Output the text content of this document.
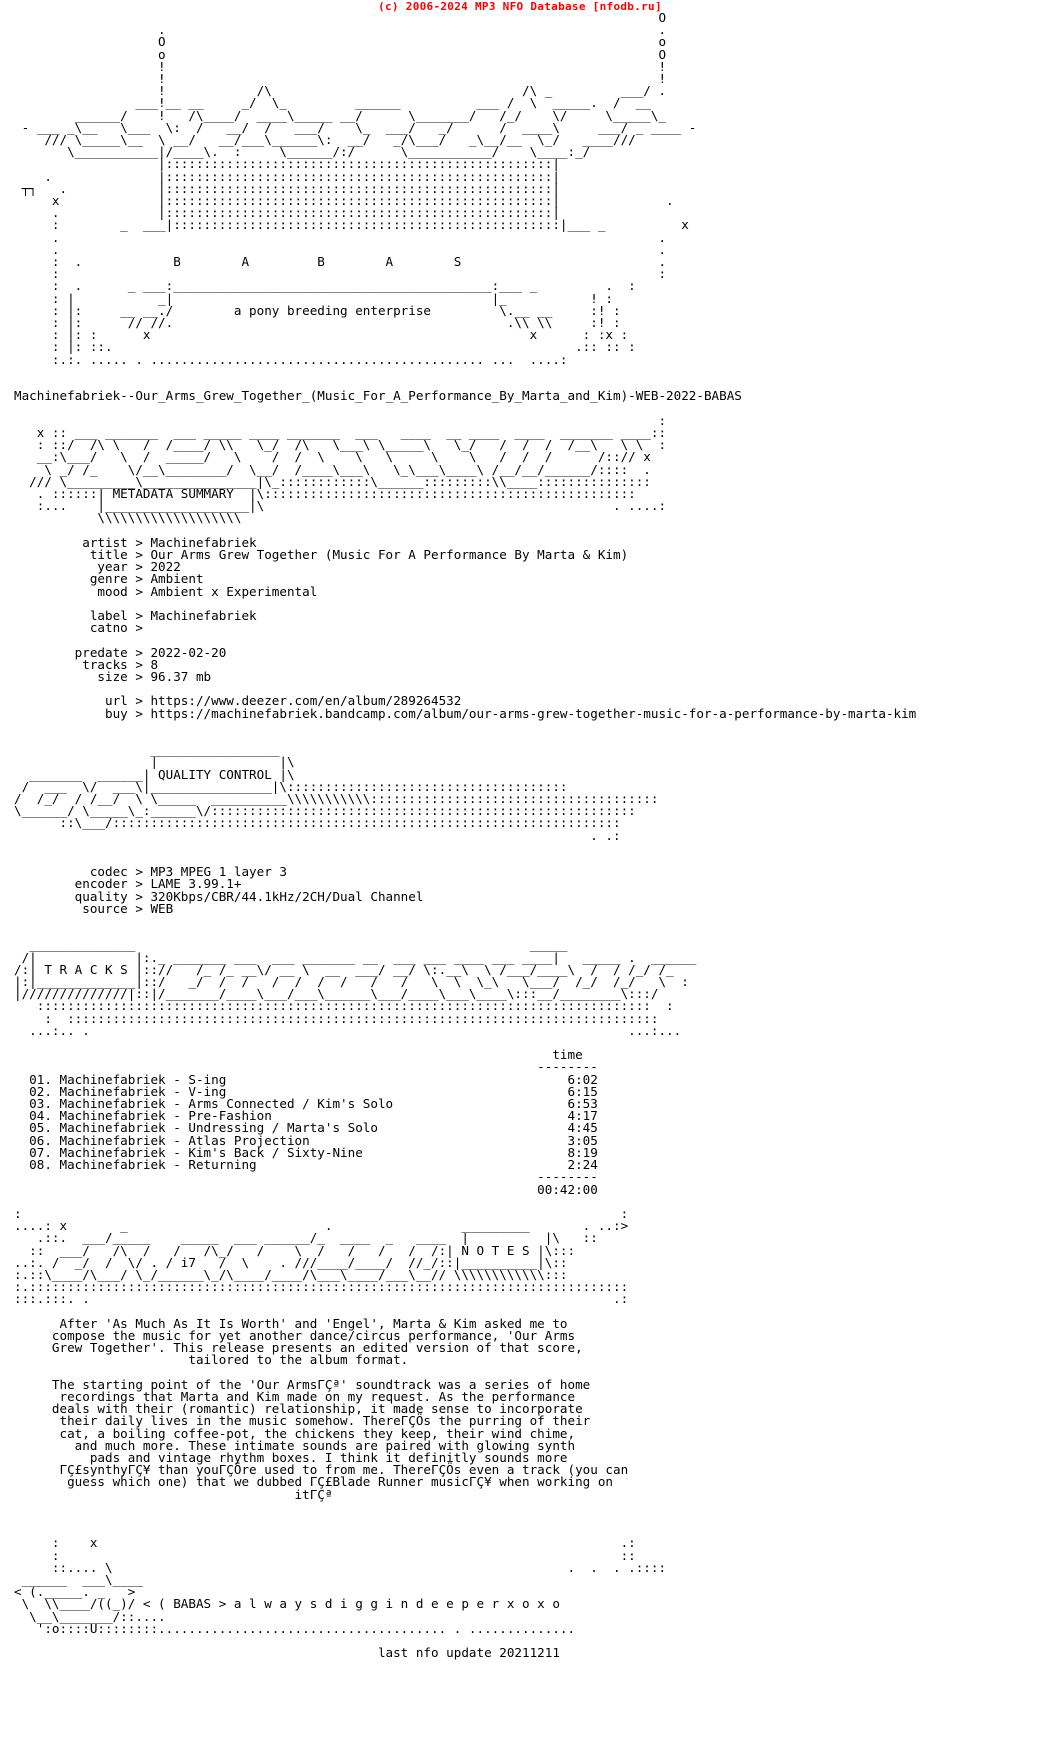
(c) 2006-2024 MP3 NFO Database [nfodb.ru]
O
.                                                                 .
O                                                                 o
o                                                                 O
!                                                                 !
!                                                                 !
!            /\                                 /\ _         ___/ .
___!__ __     _/  \_         ______          ___ /  \  _____.  /  __
______/    !   /\____/  ____\_____ __/      \_______/   /_/    \/     \_____\_
- ___ _\__   \___  \:  /   __/  /   ___/    \_  ___/   _/      /  ____\     ___/ _ ____ -
/// \_____\__  \ __/   __/___\______\:  __/   _/\___/   _\__/__  \_/   ____///
\___________|/____\.  :     \______/:/      \___________/    \____:_/
|:::::::::::::::::::::::::::::::::::::::::::::::::::|
.              |:::::::::::::::::::::::::::::::::::::::::::::::::::|
┬┐   .            |:::::::::::::::::::::::::::::::::::::::::::::::::::|
x             |:::::::::::::::::::::::::::::::::::::::::::::::::::|              .
.             |:::::::::::::::::::::::::::::::::::::::::::::::::::|
:        _  ___|:::::::::::::::::::::::::::::::::::::::::::::::::::|___ _          x
.                                                                               .
.                                                                               .
:  .            B        A         B        A        S                          .
:                                                                               :
:  .      _ ___:__________________________________________:___ _         .  :
: |           _|                                          |_           ! :
: |:     __ __./        a pony breeding enterprise         \.__ __     :! :
: |:      // //.                                            .\\ \\     :! :
: |: :      x                                                  x      : :x :
: |: ::.                                                             .:: :: :
:.:. ..... . ............................................ ...  ....:

Machinefabriek--Our_Arms_Grew_Together_(Music_For_A_Performance_By_Marta_and_Kim)-WEB-2022-BABAS

:
x :: ___ _______  ___ _____ ____ _______  ___   ____  __ ____  ____  _______ ____::
: ::/  /\ \   /  /____/ \\   \_/  /\   \___\ \_____\   \_/   /  /  /  /__\   \ \  :
__:\___/   \  /  _____/   \    /  /  \    \   \     \    \   /  /  /      /::// x
\ _/ /_    \/__\________/  \__/  /____\___\   \_\___\____\ /__/__/______/::::  .
/// \_________\_______________|\_::::::::::::\______:::::::::\\____:::::::::::::::
. ::::::| METADATA SUMMARY  |\:::::::::::::::::::::::::::::::::::::::::::::::::
:...    |___________________|\                                              . ....:
\\\\\\\\\\\\\\\\\\\

artist > Machinefabriek
title > Our Arms Grew Together (Music For A Performance By Marta & Kim)
year > 2022
genre > Ambient
mood > Ambient x Experimental

label > Machinefabriek
catno >

predate > 2022-02-20
tracks > 8
size > 96.37 mb

url > https://www.deezer.com/en/album/289264532
buy > https://machinefabriek.bandcamp.com/album/our-arms-grew-together-music-for-a-performance-by-marta-kim

_________________
|                |\
_______  ______| QUALITY CONTROL |\
/  ___  \/  ___\|________________|\:::::::::::::::::::::::::::::::::::::
/  /_/  / /__/  \ \_____  __________\\\\\\\\\\\::::::::::::::::::::::::::::::::::::::
\______/ \_____\_:______\/::::::::::::::::::::::::::::::::::::::::::::::::::::::::
::\___/:::::::::::::::::::::::::::::::::::::::::::::::::::::::::::::::::::
. .:

codec > MP3 MPEG 1 layer 3
encoder > LAME 3.99.1+
quality > 320Kbps/CBR/44.1kHz/2CH/Dual Channel
source > WEB

______________                                                    _____
/|             |:._ _______ ___  ___ _______ __  ___ ___ ____ ___ ____|   _____ .  ______
/:| T R A C K S |:://   /_ /_ __\/ __ \  __  ___/ __/ \:.__\  \ /___/____\  /  / /_/ /_
|:|_____________|::/   _/  /  /   /  /  /  /   /   /   \  \  \_\   \___/  /_/  /_/   \  :
|//////////////|::|/_______/____\___/___\______\___/____\___\____\:::__/________\:::/
:::::::::::::::::::::::::::::::::::::::::::::::::::::::::::::::::::::::::::::::::  :
:  ::::::::::::::::::::::::::::::::::::::::::::::::::::::::::::::::::::::::::::::
...:.. .                                                                       ...:...

time
--------
01. Machinefabriek - S-ing                                             6:02
02. Machinefabriek - V-ing                                             6:15
03. Machinefabriek - Arms Connected / Kim's Solo                       6:53
04. Machinefabriek - Pre-Fashion                                       4:17
05. Machinefabriek - Undressing / Marta's Solo                         4:45
06. Machinefabriek - Atlas Projection                                  3:05
07. Machinefabriek - Kim's Back / Sixty-Nine                           8:19
08. Machinefabriek - Returning                                         2:24
--------
00:42:00

:                                                                               :
....: x       _                          .                 _________       . ..:>
.::.  ___/_____    _____  ___ ______/_  ____  _   ____  |          |\   ::
::  ___/   /\  /   /   /\_/   /    \  /   /   /   /  /:| N O T E S |\:::
..:. /  _/  /  \/ . / i7   /  \    . ///____/____/  //_/::|__________|\::
:.::\____/\___/ \_/______\_/\____/____/\___\____/___\__// \\\\\\\\\\\\:::
:.:::::::::::::::::::::::::::::::::::::::::::::::::::::::::::::::::::::::::::::::
:::.:::. .                                                                     .:

After 'As Much As It Is Worth' and 'Engel', Marta & Kim asked me to
compose the music for yet another dance/circus performance, 'Our Arms
Grew Together'. This release presents an edited version of that score,
tailored to the album format.

The starting point of the 'Our ArmsΓÇª' soundtrack was a series of home
recordings that Marta and Kim made on my request. As the performance
deals with their (romantic) relationship, it made sense to incorporate
their daily lives in the music somehow. ThereΓÇÖs the purring of their
cat, a boiling coffee-pot, the chickens they keep, their wind chime,
and much more. These intimate sounds are paired with glowing synth
pads and vintage rhythm boxes. I think it definitly sounds more
ΓÇ£synthyΓÇ¥ than youΓÇÖre used to from me. ThereΓÇÖs even a track (you can
guess which one) that we dubbed ΓÇ£Blade Runner musicΓÇ¥ when working on
itΓÇª

:    x                                                                     .:
:                                                                          ::
::.... \                                                            .  .  . .::::
______  ___\____
< (._____. _   >
\  \\____/((_)/ < ( BABAS > a l w a y s d i g g i n d e e p e r x o x o
\__\_______/::....
':o::::U::::::::...................................... . ..............

last nfo update 20211211
